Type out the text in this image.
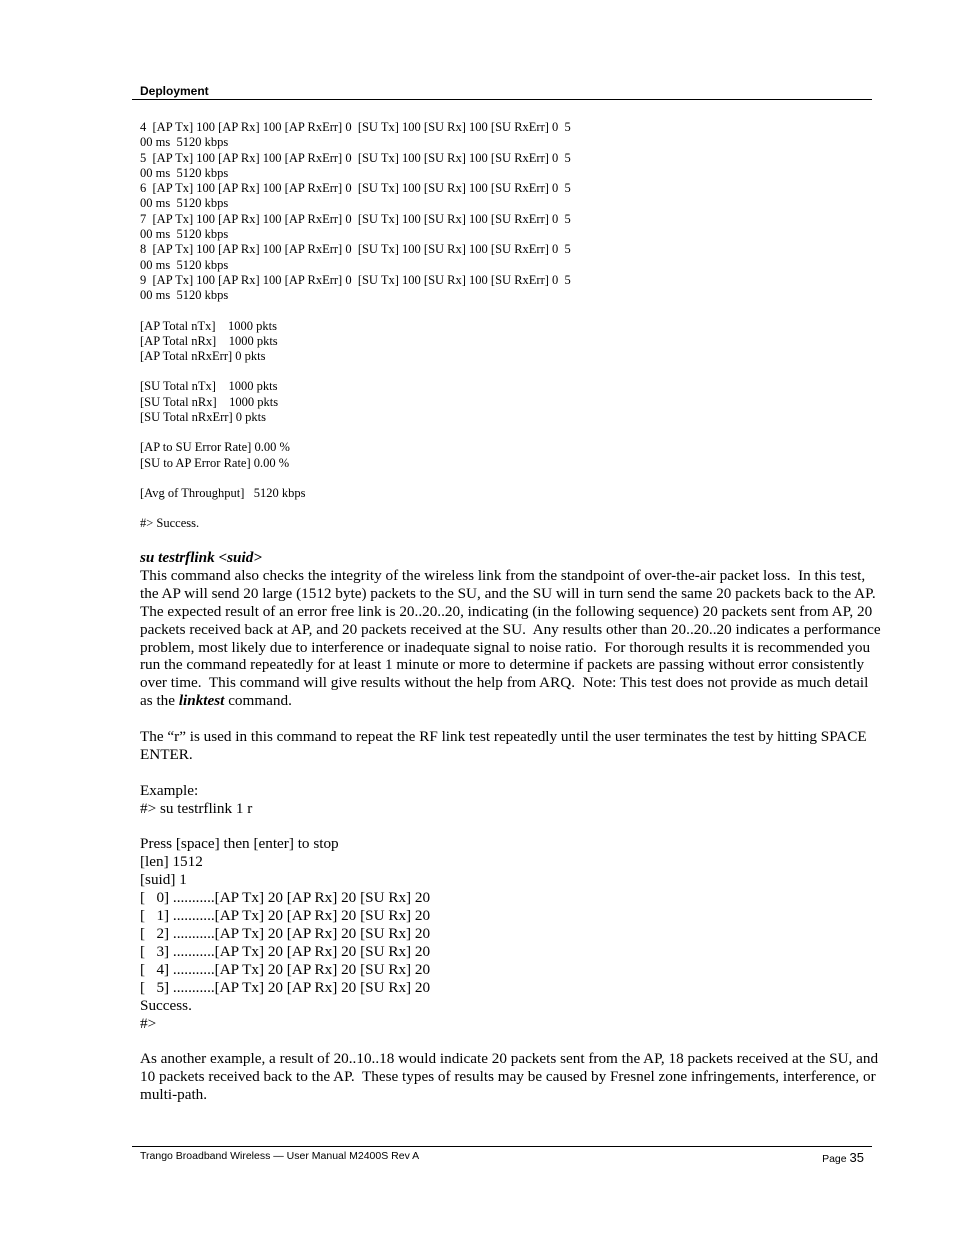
Deployment
4  [AP Tx] 100 [AP Rx] 100 [AP RxErr] 0  [SU Tx] 100 [SU Rx] 100 [SU RxErr] 0  5
00 ms  5120 kbps
5  [AP Tx] 100 [AP Rx] 100 [AP RxErr] 0  [SU Tx] 100 [SU Rx] 100 [SU RxErr] 0  5
00 ms  5120 kbps
6  [AP Tx] 100 [AP Rx] 100 [AP RxErr] 0  [SU Tx] 100 [SU Rx] 100 [SU RxErr] 0  5
00 ms  5120 kbps
7  [AP Tx] 100 [AP Rx] 100 [AP RxErr] 0  [SU Tx] 100 [SU Rx] 100 [SU RxErr] 0  5
00 ms  5120 kbps
8  [AP Tx] 100 [AP Rx] 100 [AP RxErr] 0  [SU Tx] 100 [SU Rx] 100 [SU RxErr] 0  5
00 ms  5120 kbps
9  [AP Tx] 100 [AP Rx] 100 [AP RxErr] 0  [SU Tx] 100 [SU Rx] 100 [SU RxErr] 0  5
00 ms  5120 kbps
[AP Total nTx]    1000 pkts
[AP Total nRx]    1000 pkts
[AP Total nRxErr] 0 pkts
[SU Total nTx]    1000 pkts
[SU Total nRx]    1000 pkts
[SU Total nRxErr] 0 pkts
[AP to SU Error Rate] 0.00 %
[SU to AP Error Rate] 0.00 %
[Avg of Throughput]   5120 kbps
#> Success.
su testrflink <suid>
This command also checks the integrity of the wireless link from the standpoint of over-the-air packet loss.  In this test,
the AP will send 20 large (1512 byte) packets to the SU, and the SU will in turn send the same 20 packets back to the AP.
The expected result of an error free link is 20..20..20, indicating (in the following sequence) 20 packets sent from AP, 20
packets received back at AP, and 20 packets received at the SU.  Any results other than 20..20..20 indicates a performance
problem, most likely due to interference or inadequate signal to noise ratio.  For thorough results it is recommended you
run the command repeatedly for at least 1 minute or more to determine if packets are passing without error consistently
over time.  This command will give results without the help from ARQ.  Note: This test does not provide as much detail
as the linktest command.
The “r” is used in this command to repeat the RF link test repeatedly until the user terminates the test by hitting SPACE
ENTER.
Example:
#> su testrflink 1 r
Press [space] then [enter] to stop
[len] 1512
[suid] 1
[   0] ...........[AP Tx] 20 [AP Rx] 20 [SU Rx] 20
[   1] ...........[AP Tx] 20 [AP Rx] 20 [SU Rx] 20
[   2] ...........[AP Tx] 20 [AP Rx] 20 [SU Rx] 20
[   3] ...........[AP Tx] 20 [AP Rx] 20 [SU Rx] 20
[   4] ...........[AP Tx] 20 [AP Rx] 20 [SU Rx] 20
[   5] ...........[AP Tx] 20 [AP Rx] 20 [SU Rx] 20
Success.
#>
As another example, a result of 20..10..18 would indicate 20 packets sent from the AP, 18 packets received at the SU, and
10 packets received back to the AP.  These types of results may be caused by Fresnel zone infringements, interference, or
multi-path.
Trango Broadband Wireless — User Manual M2400S Rev A	Page 35
